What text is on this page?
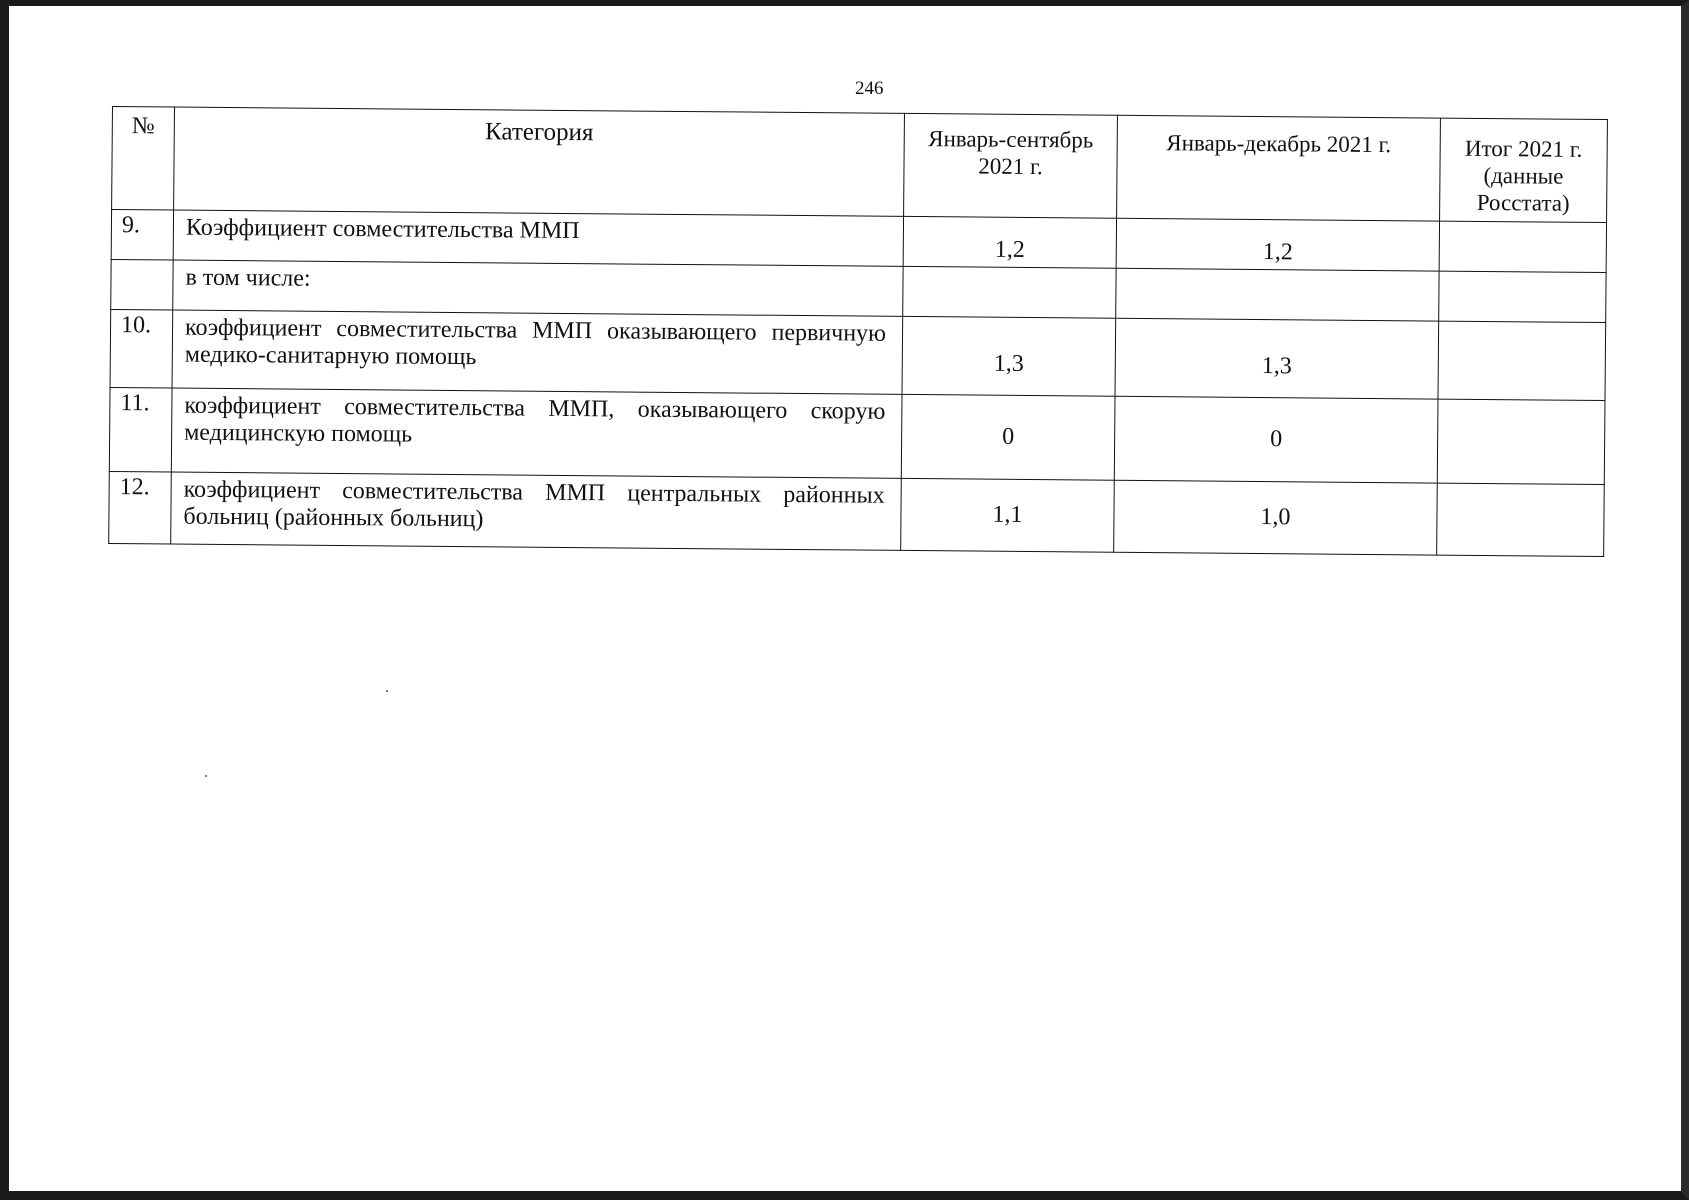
246
№	Категория	Январь-сентябрь 2021 г.	Январь-декабрь 2021 г.	Итог 2021 г. (данные Росстата)
9.	Коэффициент совместительства ММП	1,2	1,2	
	в том числе:			
10.	коэффициент совместительства ММП оказывающего первичную медико-санитарную помощь	1,3	1,3	
11.	коэффициент совместительства ММП, оказывающего скорую медицинскую помощь	0	0	
12.	коэффициент совместительства ММП центральных районных больниц (районных больниц)	1,1	1,0	
